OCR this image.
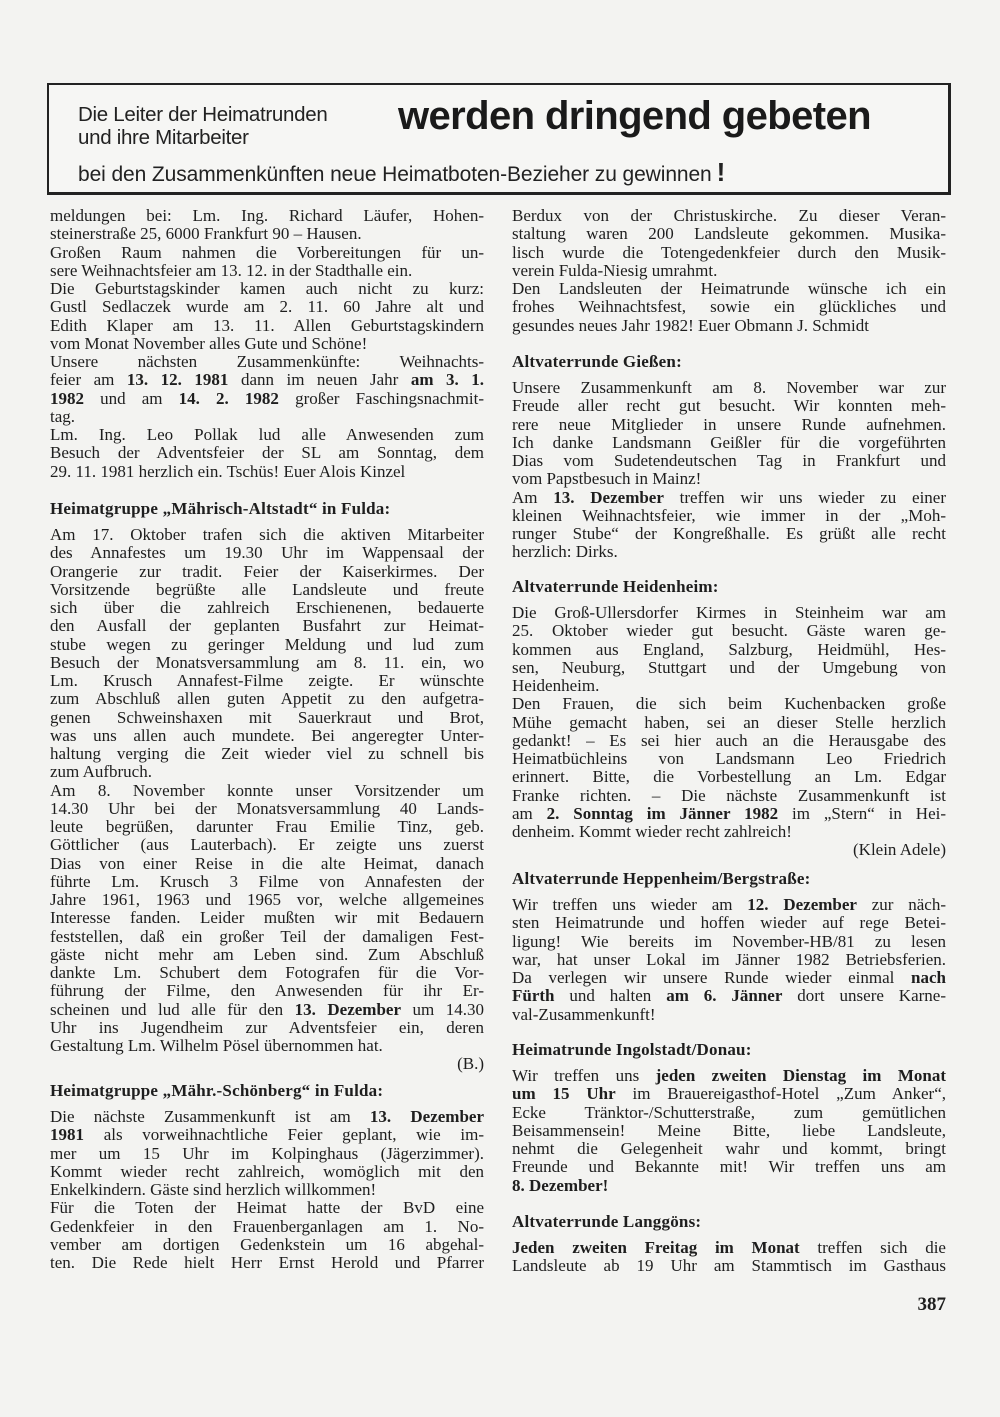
Die Leiter der Heimatrunden
und ihre Mitarbeiter	werden dringend gebeten
bei den Zusammenkünften neue Heimatboten-Bezieher zu gewinnen !
meldungen bei: Lm. Ing. Richard Läufer, Hohen-
steinerstraße 25, 6000 Frankfurt 90 – Hausen.
Großen Raum nahmen die Vorbereitungen für un-
sere Weihnachtsfeier am 13. 12. in der Stadthalle ein.
Die Geburtstagskinder kamen auch nicht zu kurz:
Gustl Sedlaczek wurde am 2. 11. 60 Jahre alt und
Edith Klaper am 13. 11. Allen Geburtstagskindern
vom Monat November alles Gute und Schöne!
Unsere nächsten Zusammenkünfte: Weihnachts-
feier am 13. 12. 1981 dann im neuen Jahr am 3. 1.
1982 und am 14. 2. 1982 großer Faschingsnachmit-
tag.
Lm. Ing. Leo Pollak lud alle Anwesenden zum
Besuch der Adventsfeier der SL am Sonntag, dem
29. 11. 1981 herzlich ein. Tschüs! Euer Alois Kinzel
Heimatgruppe „Mährisch-Altstadt“ in Fulda:
Am 17. Oktober trafen sich die aktiven Mitarbeiter
des Annafestes um 19.30 Uhr im Wappensaal der
Orangerie zur tradit. Feier der Kaiserkirmes. Der
Vorsitzende begrüßte alle Landsleute und freute
sich über die zahlreich Erschienenen, bedauerte
den Ausfall der geplanten Busfahrt zur Heimat-
stube wegen zu geringer Meldung und lud zum
Besuch der Monatsversammlung am 8. 11. ein, wo
Lm. Krusch Annafest-Filme zeigte. Er wünschte
zum Abschluß allen guten Appetit zu den aufgetra-
genen Schweinshaxen mit Sauerkraut und Brot,
was uns allen auch mundete. Bei angeregter Unter-
haltung verging die Zeit wieder viel zu schnell bis
zum Aufbruch.
Am 8. November konnte unser Vorsitzender um
14.30 Uhr bei der Monatsversammlung 40 Lands-
leute begrüßen, darunter Frau Emilie Tinz, geb.
Göttlicher (aus Lauterbach). Er zeigte uns zuerst
Dias von einer Reise in die alte Heimat, danach
führte Lm. Krusch 3 Filme von Annafesten der
Jahre 1961, 1963 und 1965 vor, welche allgemeines
Interesse fanden. Leider mußten wir mit Bedauern
feststellen, daß ein großer Teil der damaligen Fest-
gäste nicht mehr am Leben sind. Zum Abschluß
dankte Lm. Schubert dem Fotografen für die Vor-
führung der Filme, den Anwesenden für ihr Er-
scheinen und lud alle für den 13. Dezember um 14.30
Uhr ins Jugendheim zur Adventsfeier ein, deren
Gestaltung Lm. Wilhelm Pösel übernommen hat.
(B.)
Heimatgruppe „Mähr.-Schönberg“ in Fulda:
Die nächste Zusammenkunft ist am 13. Dezember
1981 als vorweihnachtliche Feier geplant, wie im-
mer um 15 Uhr im Kolpinghaus (Jägerzimmer).
Kommt wieder recht zahlreich, womöglich mit den
Enkelkindern. Gäste sind herzlich willkommen!
Für die Toten der Heimat hatte der BvD eine
Gedenkfeier in den Frauenberganlagen am 1. No-
vember am dortigen Gedenkstein um 16 abgehal-
ten. Die Rede hielt Herr Ernst Herold und Pfarrer
Berdux von der Christuskirche. Zu dieser Veran-
staltung waren 200 Landsleute gekommen. Musika-
lisch wurde die Totengedenkfeier durch den Musik-
verein Fulda-Niesig umrahmt.
Den Landsleuten der Heimatrunde wünsche ich ein
frohes Weihnachtsfest, sowie ein glückliches und
gesundes neues Jahr 1982! Euer Obmann J. Schmidt
Altvaterrunde Gießen:
Unsere Zusammenkunft am 8. November war zur
Freude aller recht gut besucht. Wir konnten meh-
rere neue Mitglieder in unsere Runde aufnehmen.
Ich danke Landsmann Geißler für die vorgeführten
Dias vom Sudetendeutschen Tag in Frankfurt und
vom Papstbesuch in Mainz!
Am 13. Dezember treffen wir uns wieder zu einer
kleinen Weihnachtsfeier, wie immer in der „Moh-
runger Stube“ der Kongreßhalle. Es grüßt alle recht
herzlich: Dirks.
Altvaterrunde Heidenheim:
Die Groß-Ullersdorfer Kirmes in Steinheim war am
25. Oktober wieder gut besucht. Gäste waren ge-
kommen aus England, Salzburg, Heidmühl, Hes-
sen, Neuburg, Stuttgart und der Umgebung von
Heidenheim.
Den Frauen, die sich beim Kuchenbacken große
Mühe gemacht haben, sei an dieser Stelle herzlich
gedankt! – Es sei hier auch an die Herausgabe des
Heimatbüchleins von Landsmann Leo Friedrich
erinnert. Bitte, die Vorbestellung an Lm. Edgar
Franke richten. – Die nächste Zusammenkunft ist
am 2. Sonntag im Jänner 1982 im „Stern“ in Hei-
denheim. Kommt wieder recht zahlreich!
(Klein Adele)
Altvaterrunde Heppenheim/Bergstraße:
Wir treffen uns wieder am 12. Dezember zur näch-
sten Heimatrunde und hoffen wieder auf rege Betei-
ligung! Wie bereits im November-HB/81 zu lesen
war, hat unser Lokal im Jänner 1982 Betriebsferien.
Da verlegen wir unsere Runde wieder einmal nach
Fürth und halten am 6. Jänner dort unsere Karne-
val-Zusammenkunft!
Heimatrunde Ingolstadt/Donau:
Wir treffen uns jeden zweiten Dienstag im Monat
um 15 Uhr im Brauereigasthof-Hotel „Zum Anker“,
Ecke Tränktor-/Schutterstraße, zum gemütlichen
Beisammensein! Meine Bitte, liebe Landsleute,
nehmt die Gelegenheit wahr und kommt, bringt
Freunde und Bekannte mit! Wir treffen uns am
8. Dezember!
Altvaterrunde Langgöns:
Jeden zweiten Freitag im Monat treffen sich die
Landsleute ab 19 Uhr am Stammtisch im Gasthaus
387
